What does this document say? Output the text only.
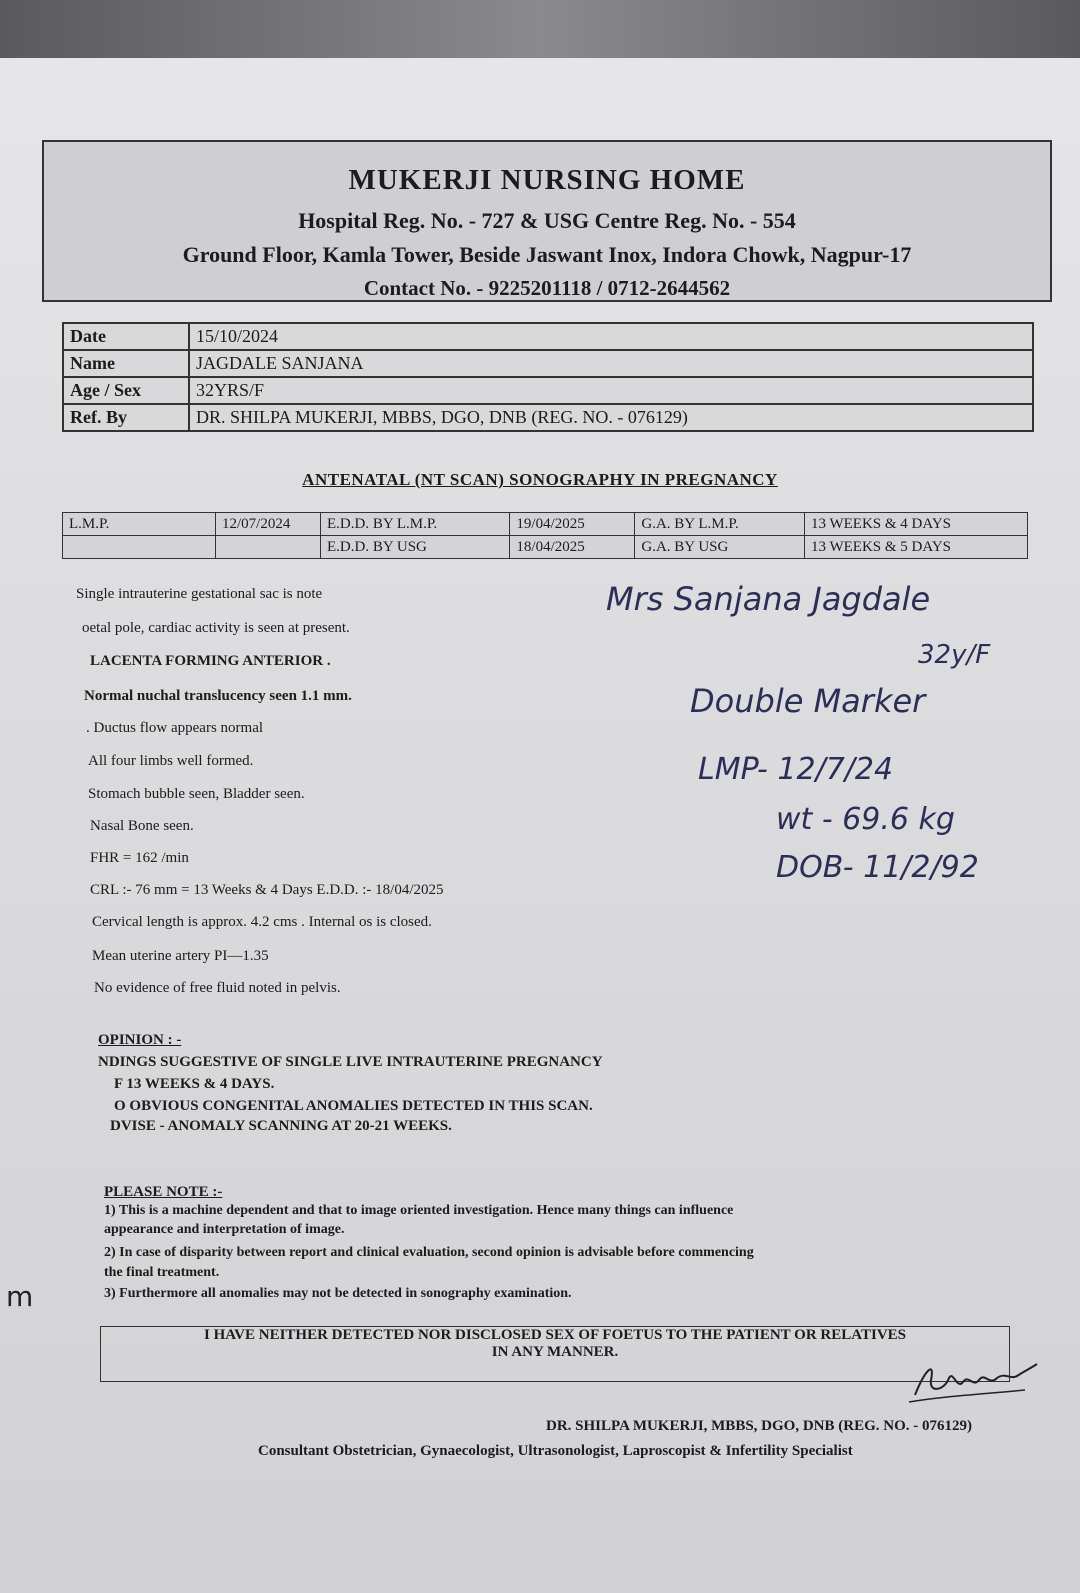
MUKERJI NURSING HOME
Hospital Reg. No. - 727 & USG Centre Reg. No. - 554
Ground Floor, Kamla Tower, Beside Jaswant Inox, Indora Chowk, Nagpur-17
Contact No. - 9225201118 / 0712-2644562
Date	15/10/2024
Name	JAGDALE SANJANA
Age / Sex	32YRS/F
Ref. By	DR. SHILPA MUKERJI, MBBS, DGO, DNB (REG. NO. - 076129)
ANTENATAL (NT SCAN) SONOGRAPHY IN PREGNANCY
L.M.P.	12/07/2024	E.D.D. BY L.M.P.	19/04/2025	G.A. BY L.M.P.	13 WEEKS & 4 DAYS
		E.D.D. BY USG	18/04/2025	G.A. BY USG	13 WEEKS & 5 DAYS
Single intrauterine gestational sac is note
oetal pole, cardiac activity is seen at present.
LACENTA FORMING ANTERIOR .
Normal nuchal translucency seen 1.1 mm.
. Ductus flow appears normal
All four limbs well formed.
Stomach bubble seen, Bladder seen.
Nasal Bone seen.
FHR = 162 /min
CRL :- 76 mm = 13 Weeks & 4 Days E.D.D. :- 18/04/2025
Cervical length is approx. 4.2 cms . Internal os is closed.
Mean uterine artery PI—1.35
No evidence of free fluid noted in pelvis.
Mrs Sanjana Jagdale
32y/F
Double Marker
LMP- 12/7/24
wt - 69.6 kg
DOB- 11/2/92
OPINION : -
NDINGS SUGGESTIVE OF SINGLE LIVE INTRAUTERINE PREGNANCY
F 13 WEEKS & 4 DAYS.
O OBVIOUS CONGENITAL ANOMALIES DETECTED IN THIS SCAN.
DVISE - ANOMALY SCANNING AT 20-21 WEEKS.
PLEASE NOTE :-
1) This is a machine dependent and that to image oriented investigation. Hence many things can influence
appearance and interpretation of image.
2) In case of disparity between report and clinical evaluation, second opinion is advisable before commencing
the final treatment.
3) Furthermore all anomalies may not be detected in sonography examination.
I HAVE NEITHER DETECTED NOR DISCLOSED SEX OF FOETUS TO THE PATIENT OR RELATIVES
IN ANY MANNER.
DR. SHILPA MUKERJI, MBBS, DGO, DNB (REG. NO. - 076129)
Consultant Obstetrician, Gynaecologist, Ultrasonologist, Laproscopist & Infertility Specialist
m
